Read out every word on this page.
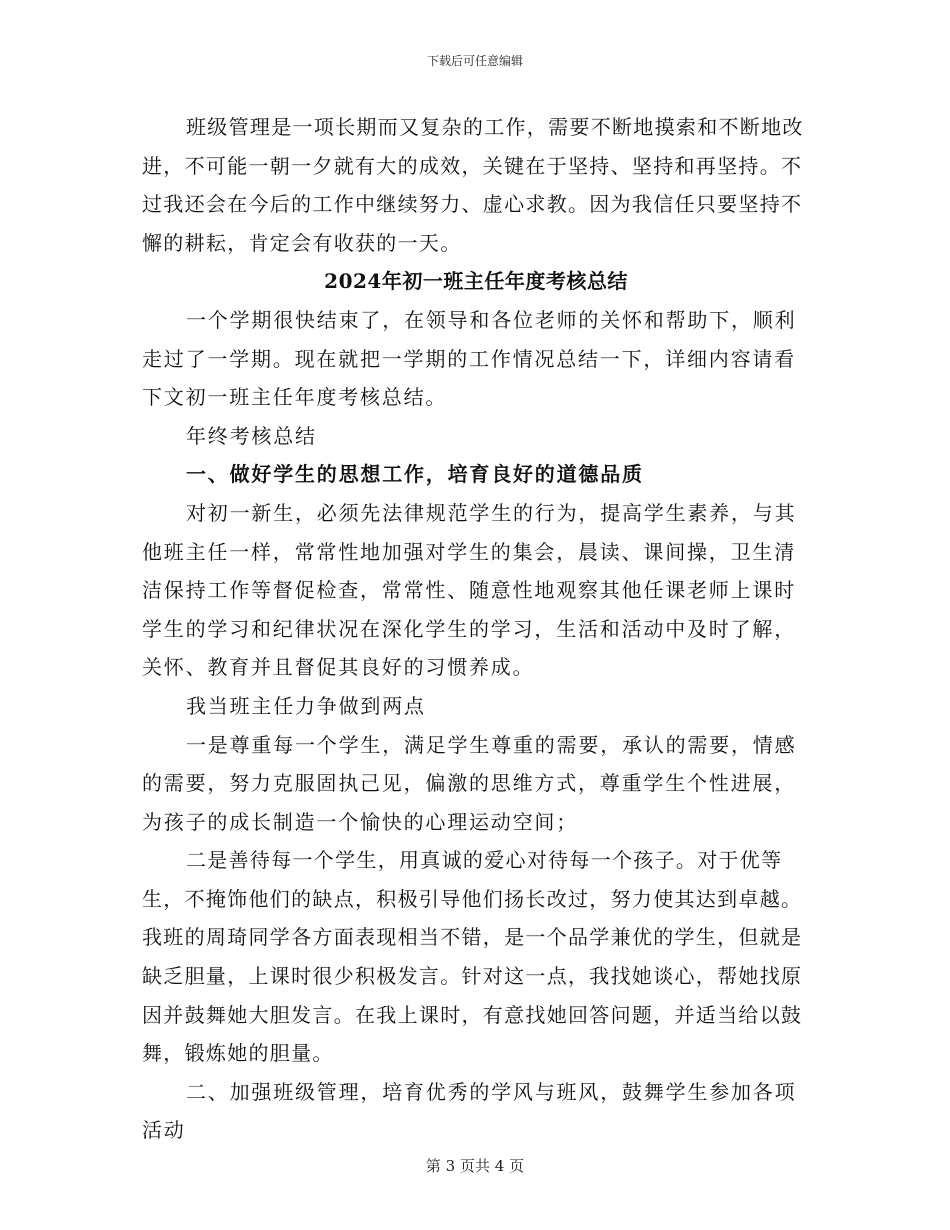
下载后可任意编辑

班级管理是一项长期而又复杂的工作，需要不断地摸索和不断地改进，不可能一朝一夕就有大的成效，关键在于坚持、坚持和再坚持。不过我还会在今后的工作中继续努力、虚心求教。因为我信任只要坚持不懈的耕耘，肯定会有收获的一天。

2024年初一班主任年度考核总结

一个学期很快结束了，在领导和各位老师的关怀和帮助下，顺利走过了一学期。现在就把一学期的工作情况总结一下，详细内容请看下文初一班主任年度考核总结。

年终考核总结

一、做好学生的思想工作，培育良好的道德品质

对初一新生，必须先法律规范学生的行为，提高学生素养，与其他班主任一样，常常性地加强对学生的集会，晨读、课间操，卫生清洁保持工作等督促检查，常常性、随意性地观察其他任课老师上课时学生的学习和纪律状况在深化学生的学习，生活和活动中及时了解，关怀、教育并且督促其良好的习惯养成。

我当班主任力争做到两点

一是尊重每一个学生，满足学生尊重的需要，承认的需要，情感的需要，努力克服固执己见，偏激的思维方式，尊重学生个性进展，为孩子的成长制造一个愉快的心理运动空间；

二是善待每一个学生，用真诚的爱心对待每一个孩子。对于优等生，不掩饰他们的缺点，积极引导他们扬长改过，努力使其达到卓越。我班的周琦同学各方面表现相当不错，是一个品学兼优的学生，但就是缺乏胆量，上课时很少积极发言。针对这一点，我找她谈心，帮她找原因并鼓舞她大胆发言。在我上课时，有意找她回答问题，并适当给以鼓舞，锻炼她的胆量。

二、加强班级管理，培育优秀的学风与班风，鼓舞学生参加各项活动

第 3 页共 4 页
